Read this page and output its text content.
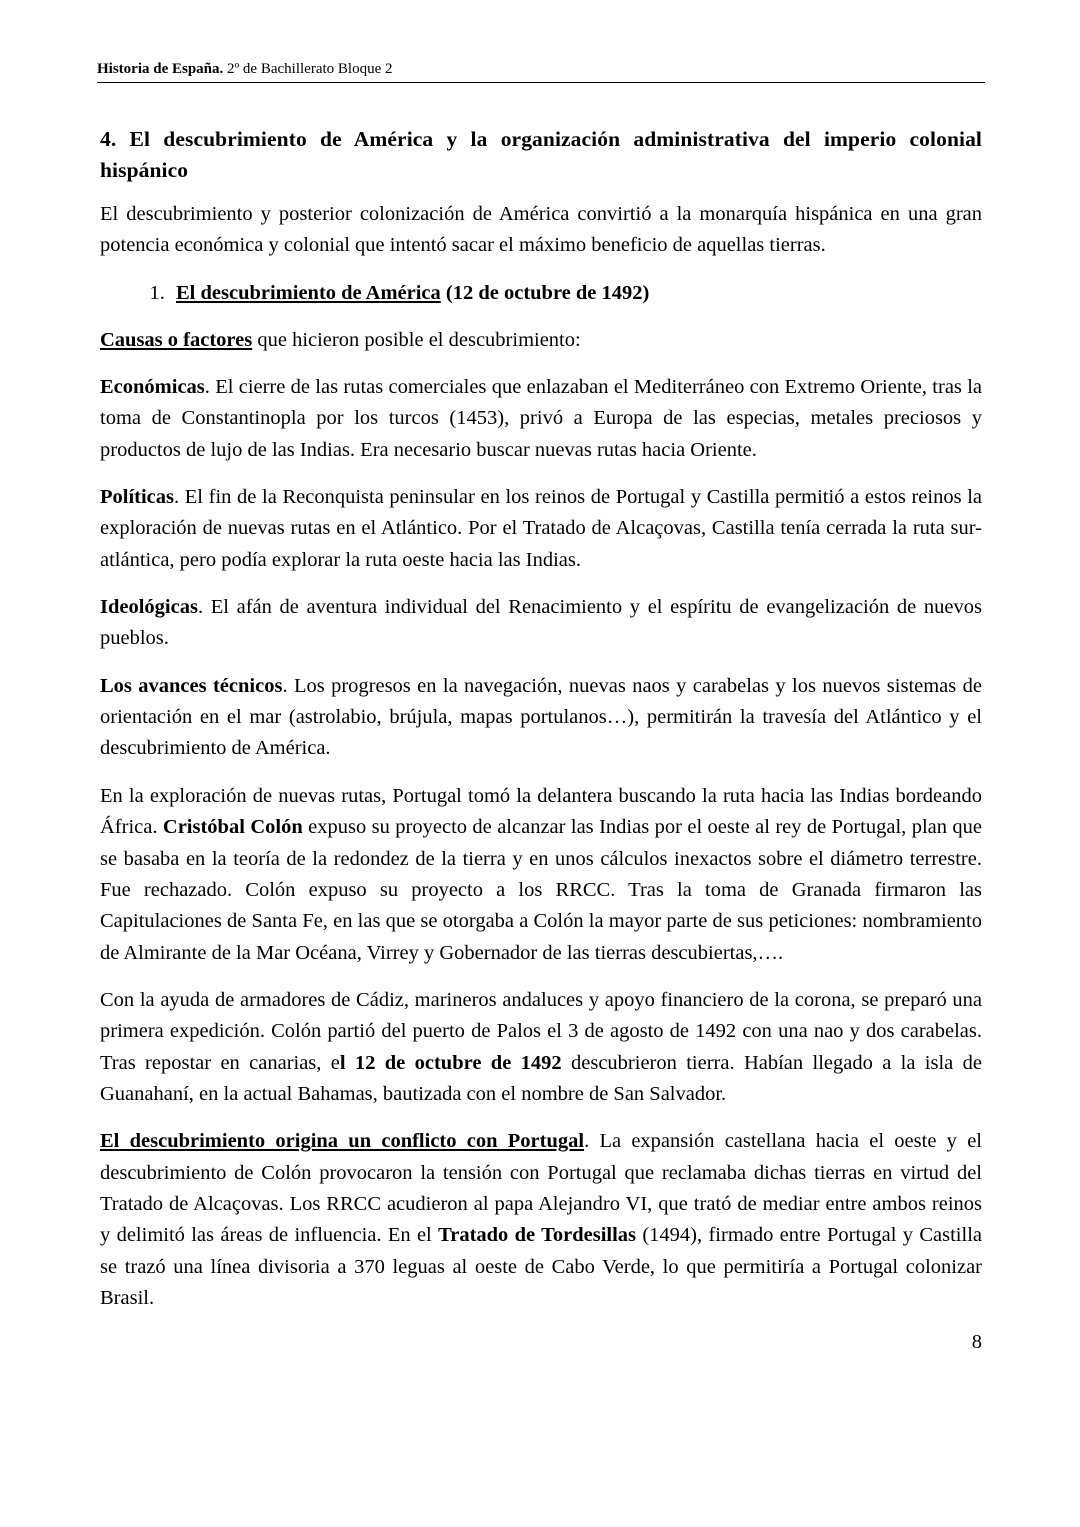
Historia de España. 2º de Bachillerato Bloque 2
4. El descubrimiento de América y la organización administrativa del imperio colonial hispánico

El descubrimiento y posterior colonización de América convirtió a la monarquía hispánica en una gran potencia económica y colonial que intentó sacar el máximo beneficio de aquellas tierras.

1. El descubrimiento de América (12 de octubre de 1492)

Causas o factores que hicieron posible el descubrimiento:

Económicas. El cierre de las rutas comerciales que enlazaban el Mediterráneo con Extremo Oriente, tras la toma de Constantinopla por los turcos (1453), privó a Europa de las especias, metales preciosos y productos de lujo de las Indias. Era necesario buscar nuevas rutas hacia Oriente.

Políticas. El fin de la Reconquista peninsular en los reinos de Portugal y Castilla permitió a estos reinos la exploración de nuevas rutas en el Atlántico. Por el Tratado de Alcaçovas, Castilla tenía cerrada la ruta sur-atlántica, pero podía explorar la ruta oeste hacia las Indias.

Ideológicas. El afán de aventura individual del Renacimiento y el espíritu de evangelización de nuevos pueblos.

Los avances técnicos. Los progresos en la navegación, nuevas naos y carabelas y los nuevos sistemas de orientación en el mar (astrolabio, brújula, mapas portulanos…), permitirán la travesía del Atlántico y el descubrimiento de América.

En la exploración de nuevas rutas, Portugal tomó la delantera buscando la ruta hacia las Indias bordeando África. Cristóbal Colón expuso su proyecto de alcanzar las Indias por el oeste al rey de Portugal, plan que se basaba en la teoría de la redondez de la tierra y en unos cálculos inexactos sobre el diámetro terrestre. Fue rechazado. Colón expuso su proyecto a los RRCC. Tras la toma de Granada firmaron las Capitulaciones de Santa Fe, en las que se otorgaba a Colón la mayor parte de sus peticiones: nombramiento de Almirante de la Mar Océana, Virrey y Gobernador de las tierras descubiertas,….

Con la ayuda de armadores de Cádiz, marineros andaluces y apoyo financiero de la corona, se preparó una primera expedición. Colón partió del puerto de Palos el 3 de agosto de 1492 con una nao y dos carabelas. Tras repostar en canarias, el 12 de octubre de 1492 descubrieron tierra. Habían llegado a la isla de Guanahaní, en la actual Bahamas, bautizada con el nombre de San Salvador.

El descubrimiento origina un conflicto con Portugal. La expansión castellana hacia el oeste y el descubrimiento de Colón provocaron la tensión con Portugal que reclamaba dichas tierras en virtud del Tratado de Alcaçovas. Los RRCC acudieron al papa Alejandro VI, que trató de mediar entre ambos reinos y delimitó las áreas de influencia. En el Tratado de Tordesillas (1494), firmado entre Portugal y Castilla se trazó una línea divisoria a 370 leguas al oeste de Cabo Verde, lo que permitiría a Portugal colonizar Brasil.

8
